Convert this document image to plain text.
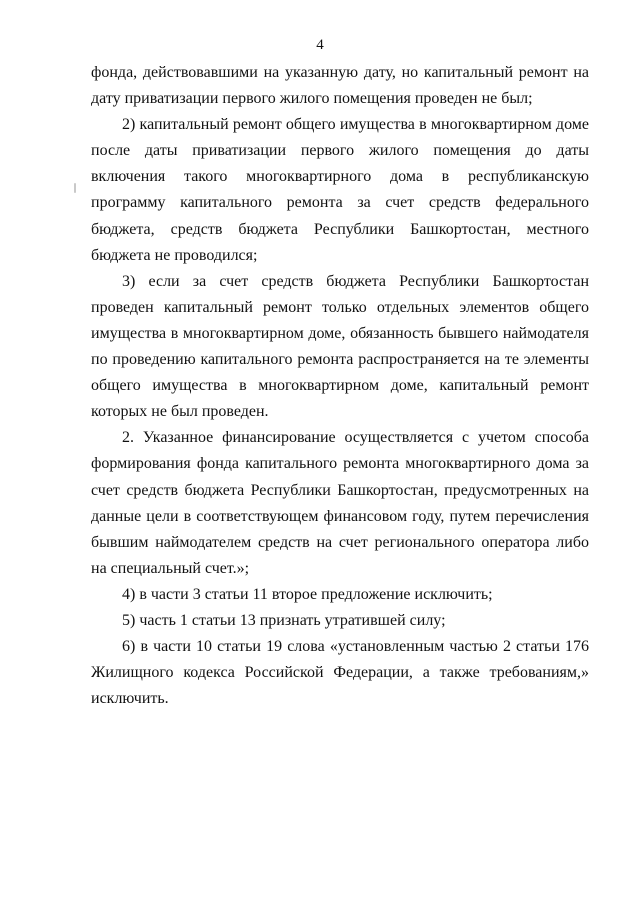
4

фонда, действовавшими на указанную дату, но капитальный ремонт на дату приватизации первого жилого помещения проведен не был;

2) капитальный ремонт общего имущества в многоквартирном доме после даты приватизации первого жилого помещения до даты включения такого многоквартирного дома в республиканскую программу капитального ремонта за счет средств федерального бюджета, средств бюджета Республики Башкортостан, местного бюджета не проводился;

3) если за счет средств бюджета Республики Башкортостан проведен капитальный ремонт только отдельных элементов общего имущества в многоквартирном доме, обязанность бывшего наймодателя по проведению капитального ремонта распространяется на те элементы общего имущества в многоквартирном доме, капитальный ремонт которых не был проведен.

2. Указанное финансирование осуществляется с учетом способа формирования фонда капитального ремонта многоквартирного дома за счет средств бюджета Республики Башкортостан, предусмотренных на данные цели в соответствующем финансовом году, путем перечисления бывшим наймодателем средств на счет регионального оператора либо на специальный счет.»;

4) в части 3 статьи 11 второе предложение исключить;

5) часть 1 статьи 13 признать утратившей силу;

6) в части 10 статьи 19 слова «установленным частью 2 статьи 176 Жилищного кодекса Российской Федерации, а также требованиям,» исключить.
